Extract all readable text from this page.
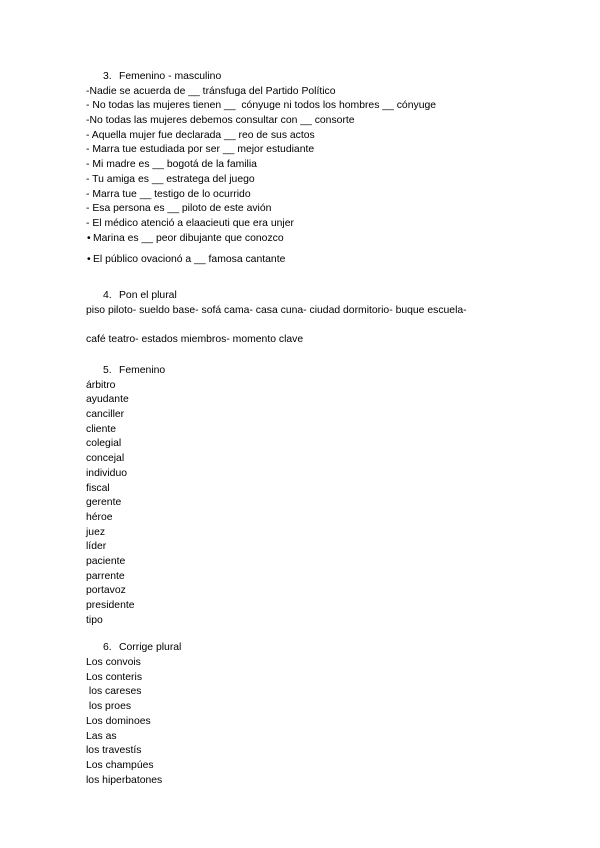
3. Femenino - masculino
-Nadie se acuerda de __ tránsfuga del Partido Político
- No todas las mujeres tienen __  cónyuge ni todos los hombres __ cónyuge
-No todas las mujeres debemos consultar con __ consorte
- Aquella mujer fue declarada __ reo de sus actos
- Marra tue estudiada por ser __ mejor estudiante
- Mi madre es __ bogotá de la familia
- Tu amiga es __ estratega del juego
- Marra tue __ testigo de lo ocurrido
- Esa persona es __ piloto de este avión
- El médico atenció a elaacieuti que era unjer
• Marina es __ peor dibujante que conozco
• El público ovacionó a __ famosa cantante
4. Pon el plural
piso piloto- sueldo base- sofá cama- casa cuna- ciudad dormitorio- buque escuela-
café teatro- estados miembros- momento clave
5. Femenino
árbitro
ayudante
canciller
cliente
colegial
concejal
individuo
fiscal
gerente
héroe
juez
líder
paciente
parrente
portavoz
presidente
tipo
6. Corrige plural
Los convois
Los conteris
los careses
los proes
Los dominoes
Las as
los travestís
Los champúes
los hiperbatones
